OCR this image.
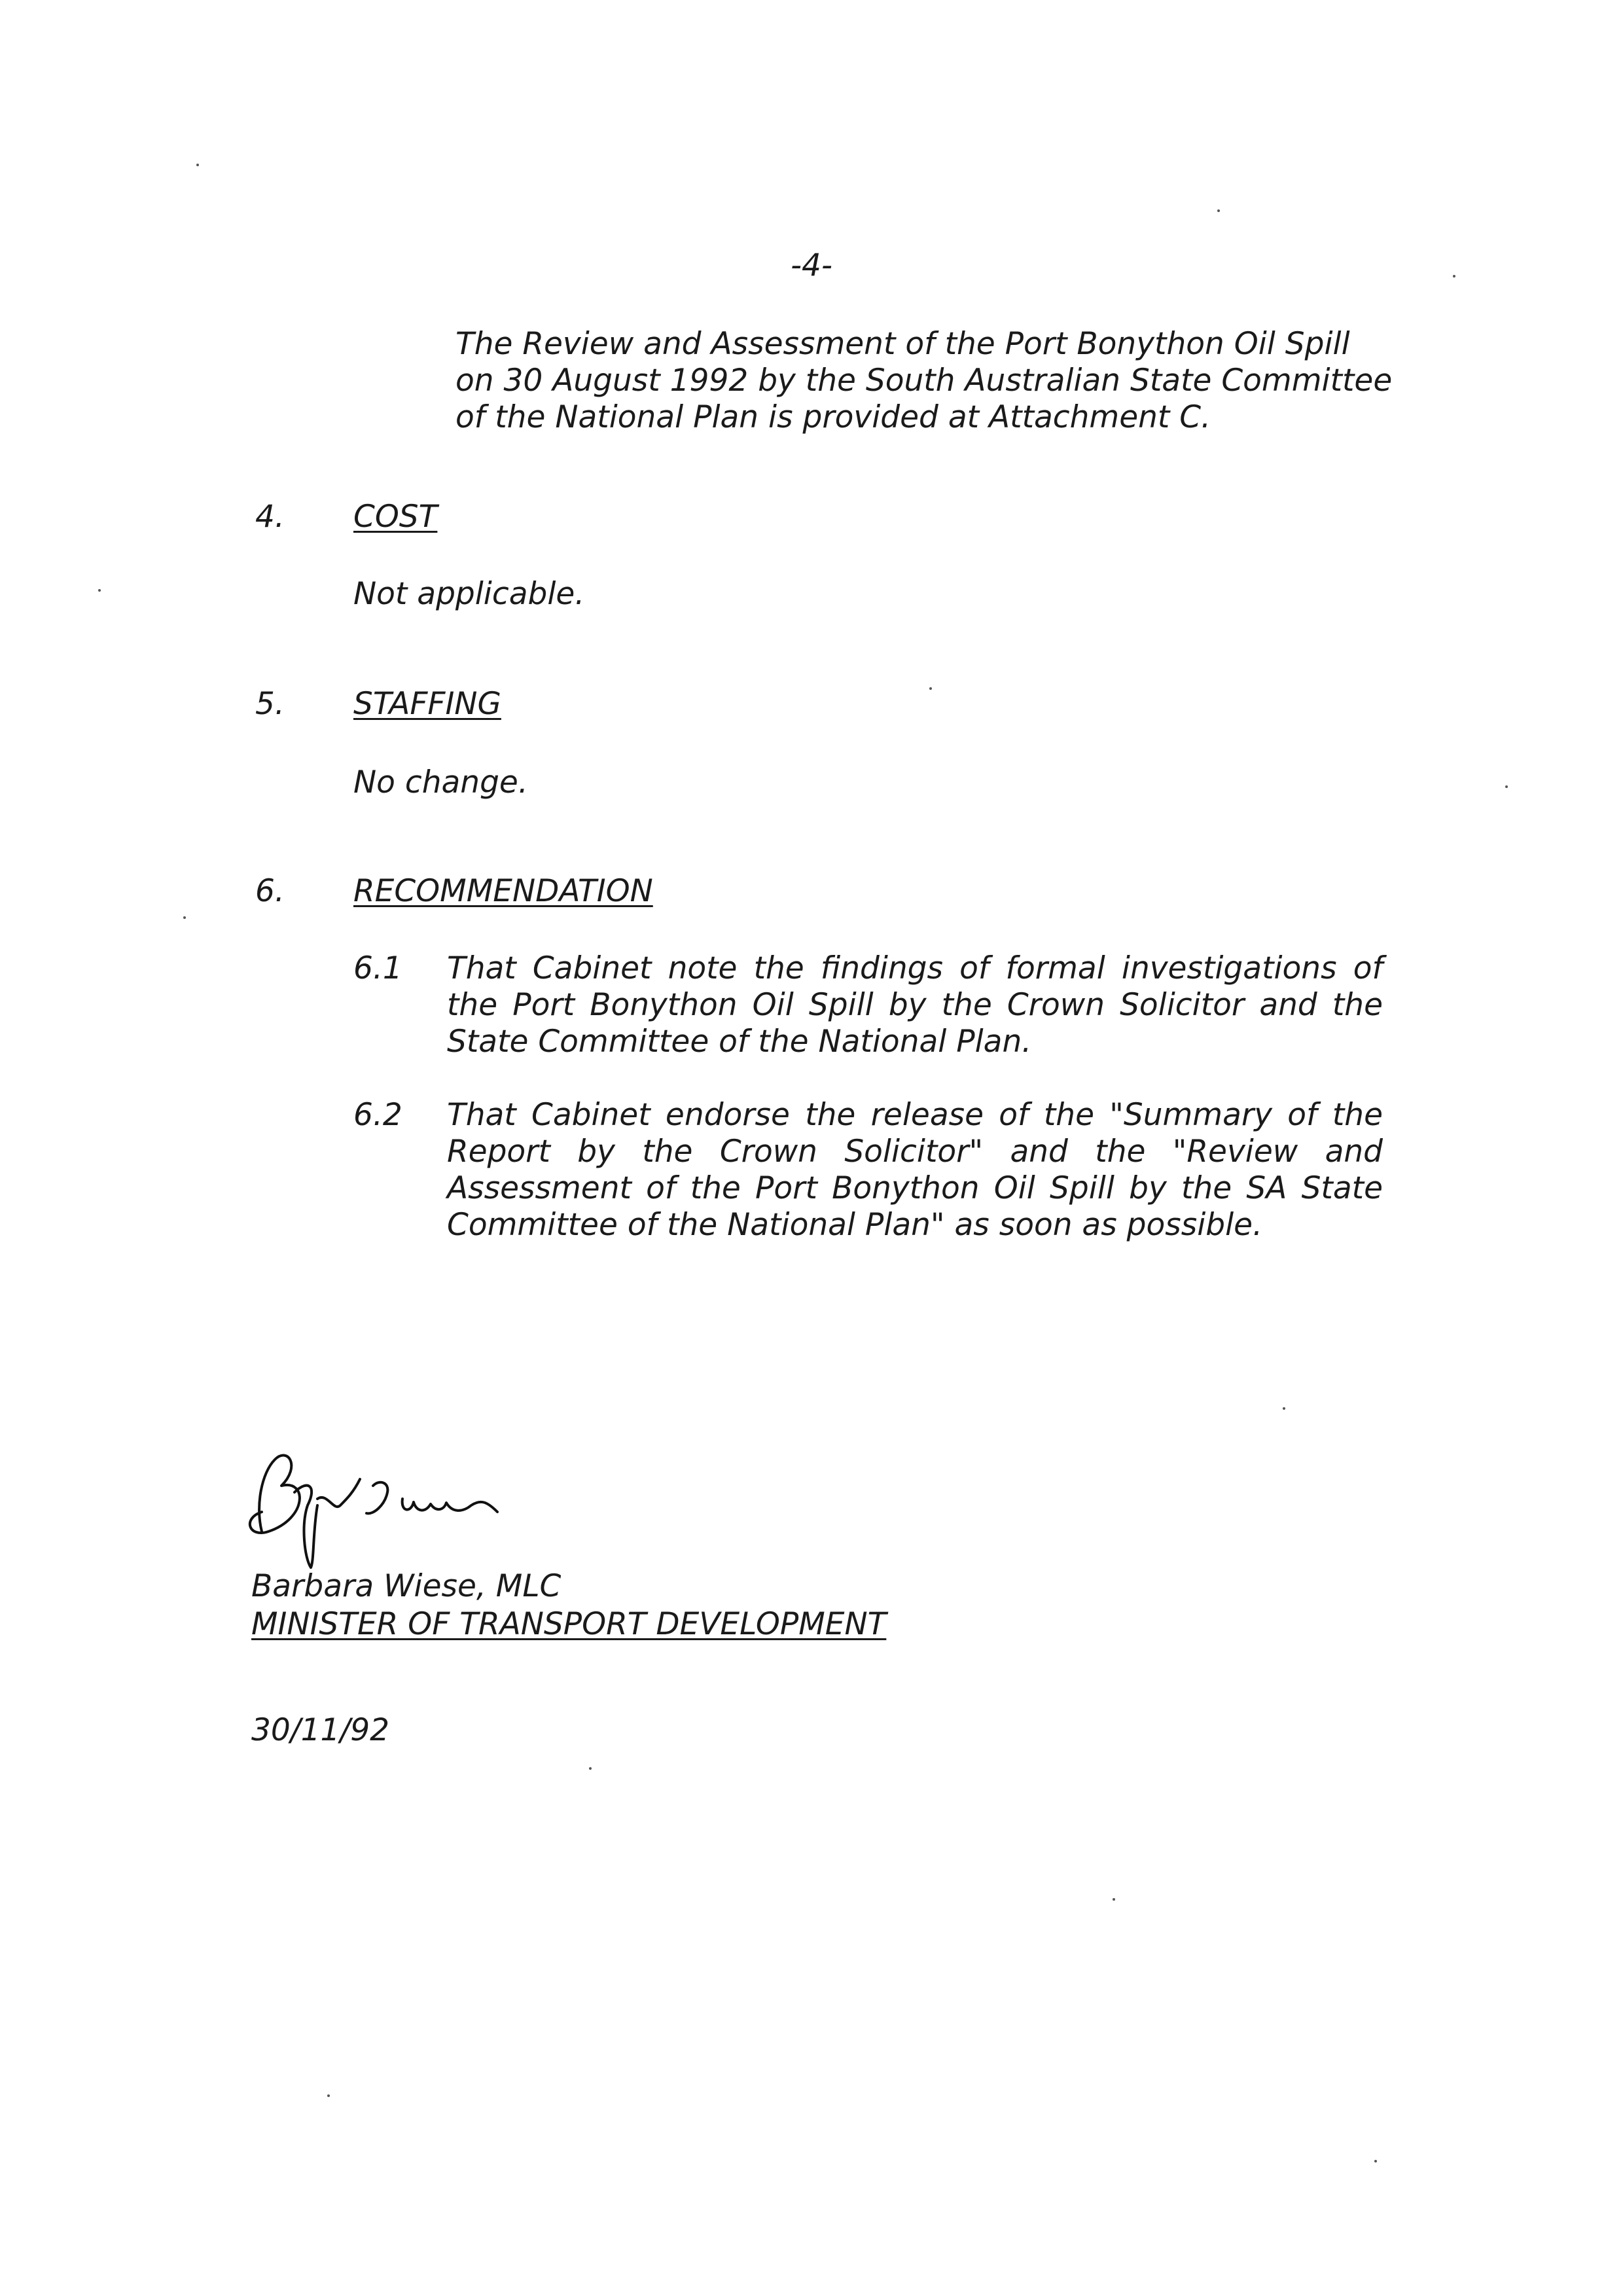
-4-
The Review and Assessment of the Port Bonython Oil Spill on 30 August 1992 by the South Australian State Committee of the National Plan is provided at Attachment C.
4. COST
Not applicable.
5. STAFFING
No change.
6. RECOMMENDATION
6.1 That Cabinet note the findings of formal investigations of the Port Bonython Oil Spill by the Crown Solicitor and the State Committee of the National Plan.
6.2 That Cabinet endorse the release of the "Summary of the Report by the Crown Solicitor" and the "Review and Assessment of the Port Bonython Oil Spill by the SA State Committee of the National Plan" as soon as possible.
Barbara Wiese, MLC
MINISTER OF TRANSPORT DEVELOPMENT
30/11/92
